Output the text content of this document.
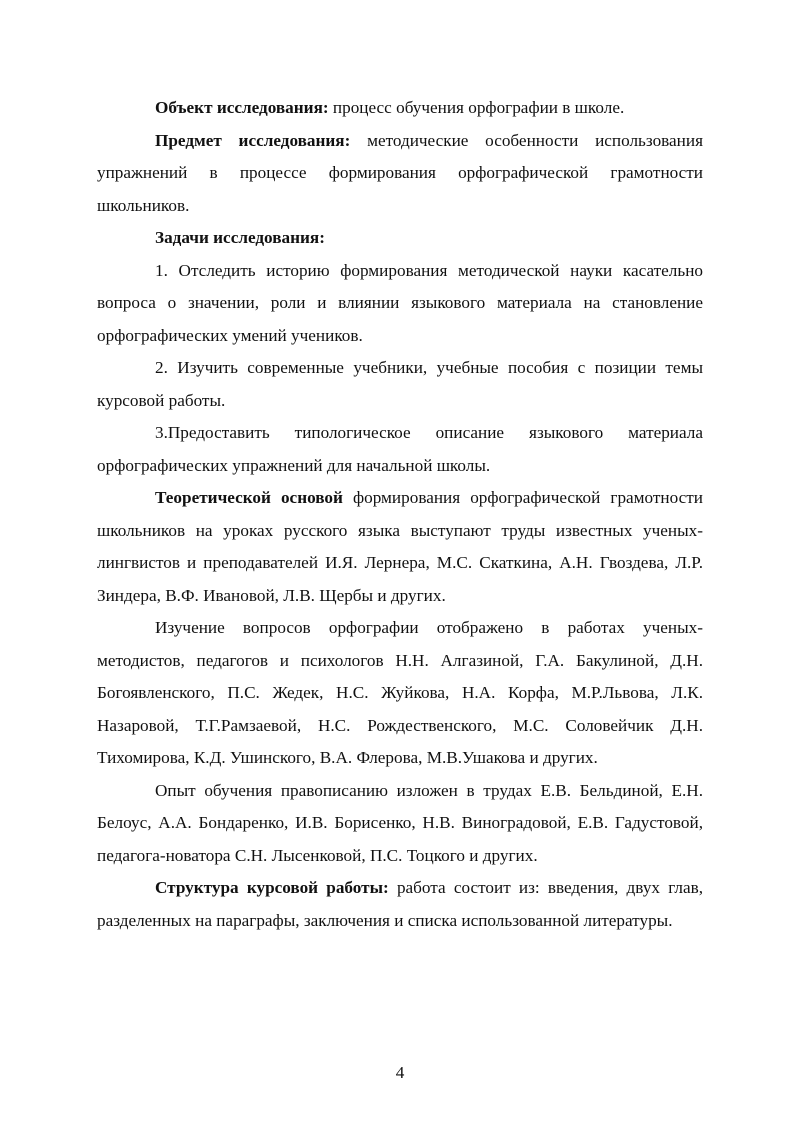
Объект исследования: процесс обучения орфографии в школе.

Предмет исследования: методические особенности использования упражнений в процессе формирования орфографической грамотности школьников.

Задачи исследования:

1. Отследить историю формирования методической науки касательно вопроса о значении, роли и влиянии языкового материала на становление орфографических умений учеников.

2. Изучить современные учебники, учебные пособия с позиции темы курсовой работы.

3.Предоставить типологическое описание языкового материала орфографических упражнений для начальной школы.

Теоретической основой формирования орфографической грамотности школьников на уроках русского языка выступают труды известных ученых-лингвистов и преподавателей И.Я. Лернера, М.С. Скаткина, А.Н. Гвоздева, Л.Р. Зиндера, В.Ф. Ивановой, Л.В. Щербы и других.

Изучение вопросов орфографии отображено в работах ученых-методистов, педагогов и психологов Н.Н. Алгазиной, Г.А. Бакулиной, Д.Н. Богоявленского, П.С. Жедек, Н.С. Жуйкова, Н.А. Корфа, М.Р.Львова, Л.К. Назаровой, Т.Г.Рамзаевой, Н.С. Рождественского, М.С. Соловейчик Д.Н. Тихомирова, К.Д. Ушинского, В.А. Флерова, М.В.Ушакова и других.

Опыт обучения правописанию изложен в трудах Е.В. Бельдиной, Е.Н. Белоус, А.А. Бондаренко, И.В. Борисенко, Н.В. Виноградовой, Е.В. Гадустовой, педагога-новатора С.Н. Лысенковой, П.С. Тоцкого и других.

Структура курсовой работы: работа состоит из: введения, двух глав, разделенных на параграфы, заключения и списка использованной литературы.

4
